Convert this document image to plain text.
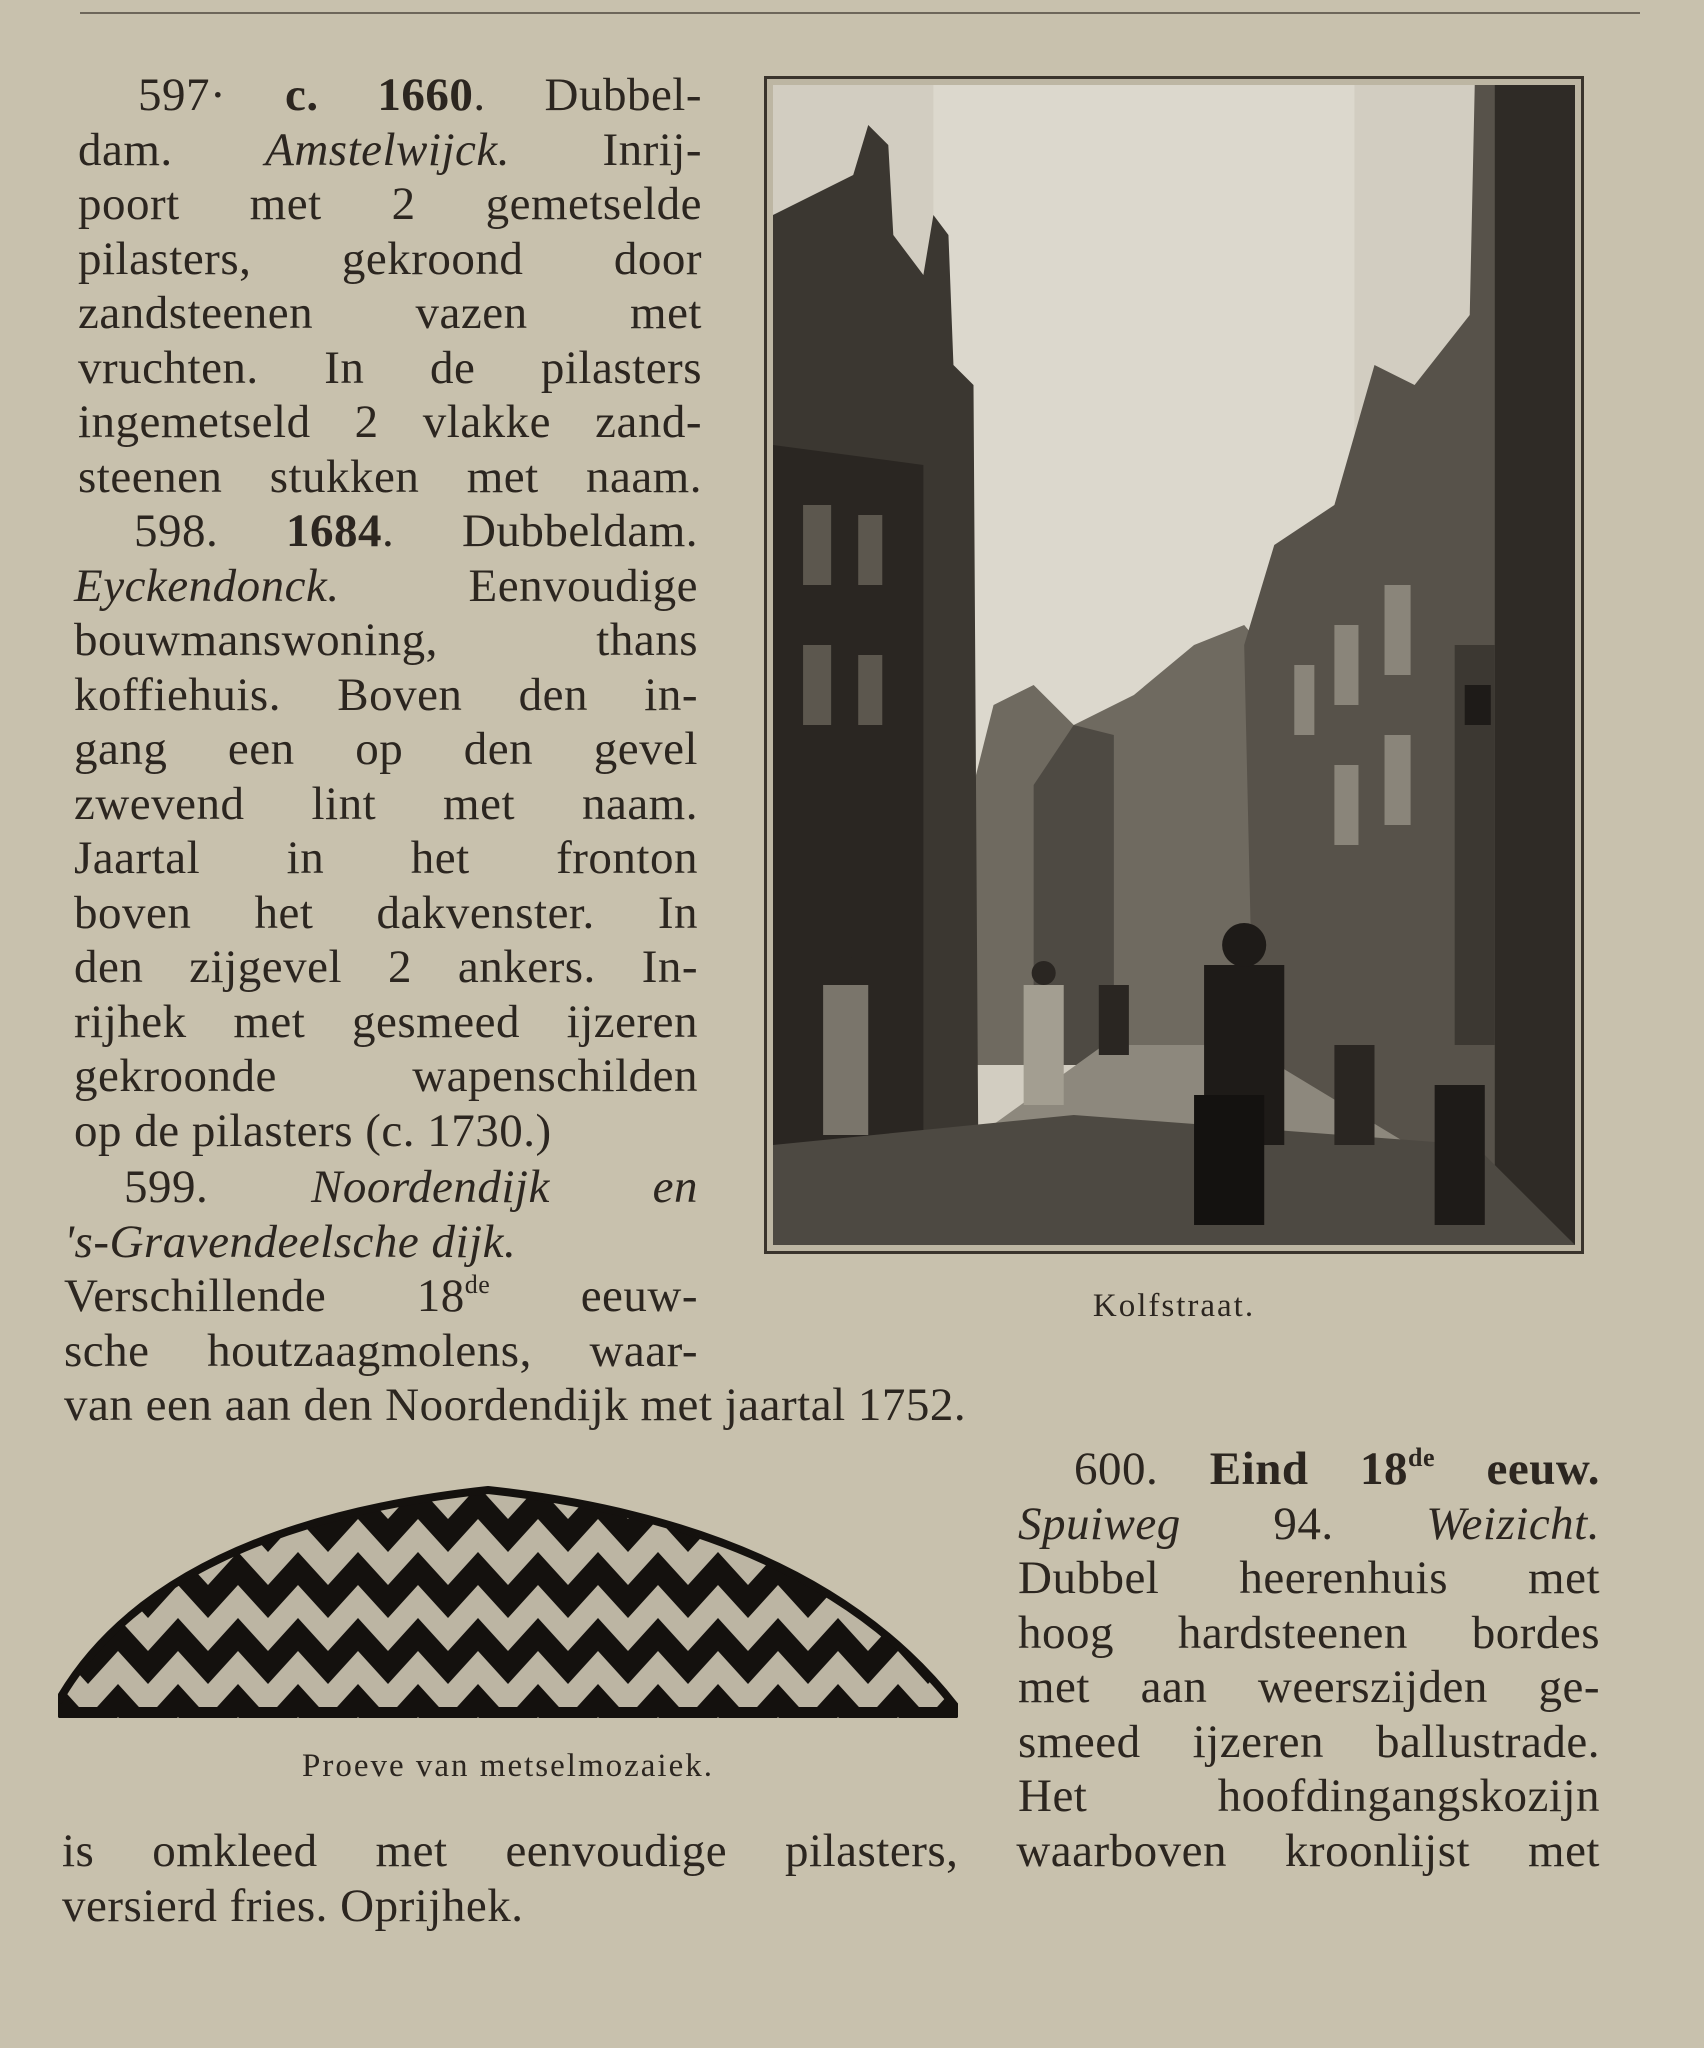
597· c. 1660. Dubbel-
dam. Amstelwijck. Inrij-
poort met 2 gemetselde
pilasters, gekroond door
zandsteenen vazen met
vruchten. In de pilasters
ingemetseld 2 vlakke zand-
steenen stukken met naam.
598. 1684. Dubbeldam.
Eyckendonck.	Eenvoudige
bouwmanswoning, thans
koffiehuis. Boven den in-
gang een op den gevel
zwevend lint met naam.
Jaartal in het fronton
boven het dakvenster. In
den zijgevel 2 ankers. In-
rijhek met gesmeed ijzeren
gekroonde wapenschilden
op de pilasters (c. 1730.)
599. Noordendijk en
's-Gravendeelsche dijk.
Verschillende 18de eeuw-
sche houtzaagmolens, waar-
van een aan den Noordendijk met jaartal 1752.
Kolfstraat.
Proeve van metselmozaiek.
600. Eind 18de eeuw.
Spuiweg 94. Weizicht.
Dubbel heerenhuis met
hoog hardsteenen bordes
met aan weerszijden ge-
smeed ijzeren ballustrade.
Het hoofdingangskozijn
is omkleed met eenvoudige pilasters, waarboven kroonlijst met
versierd fries. Oprijhek.
